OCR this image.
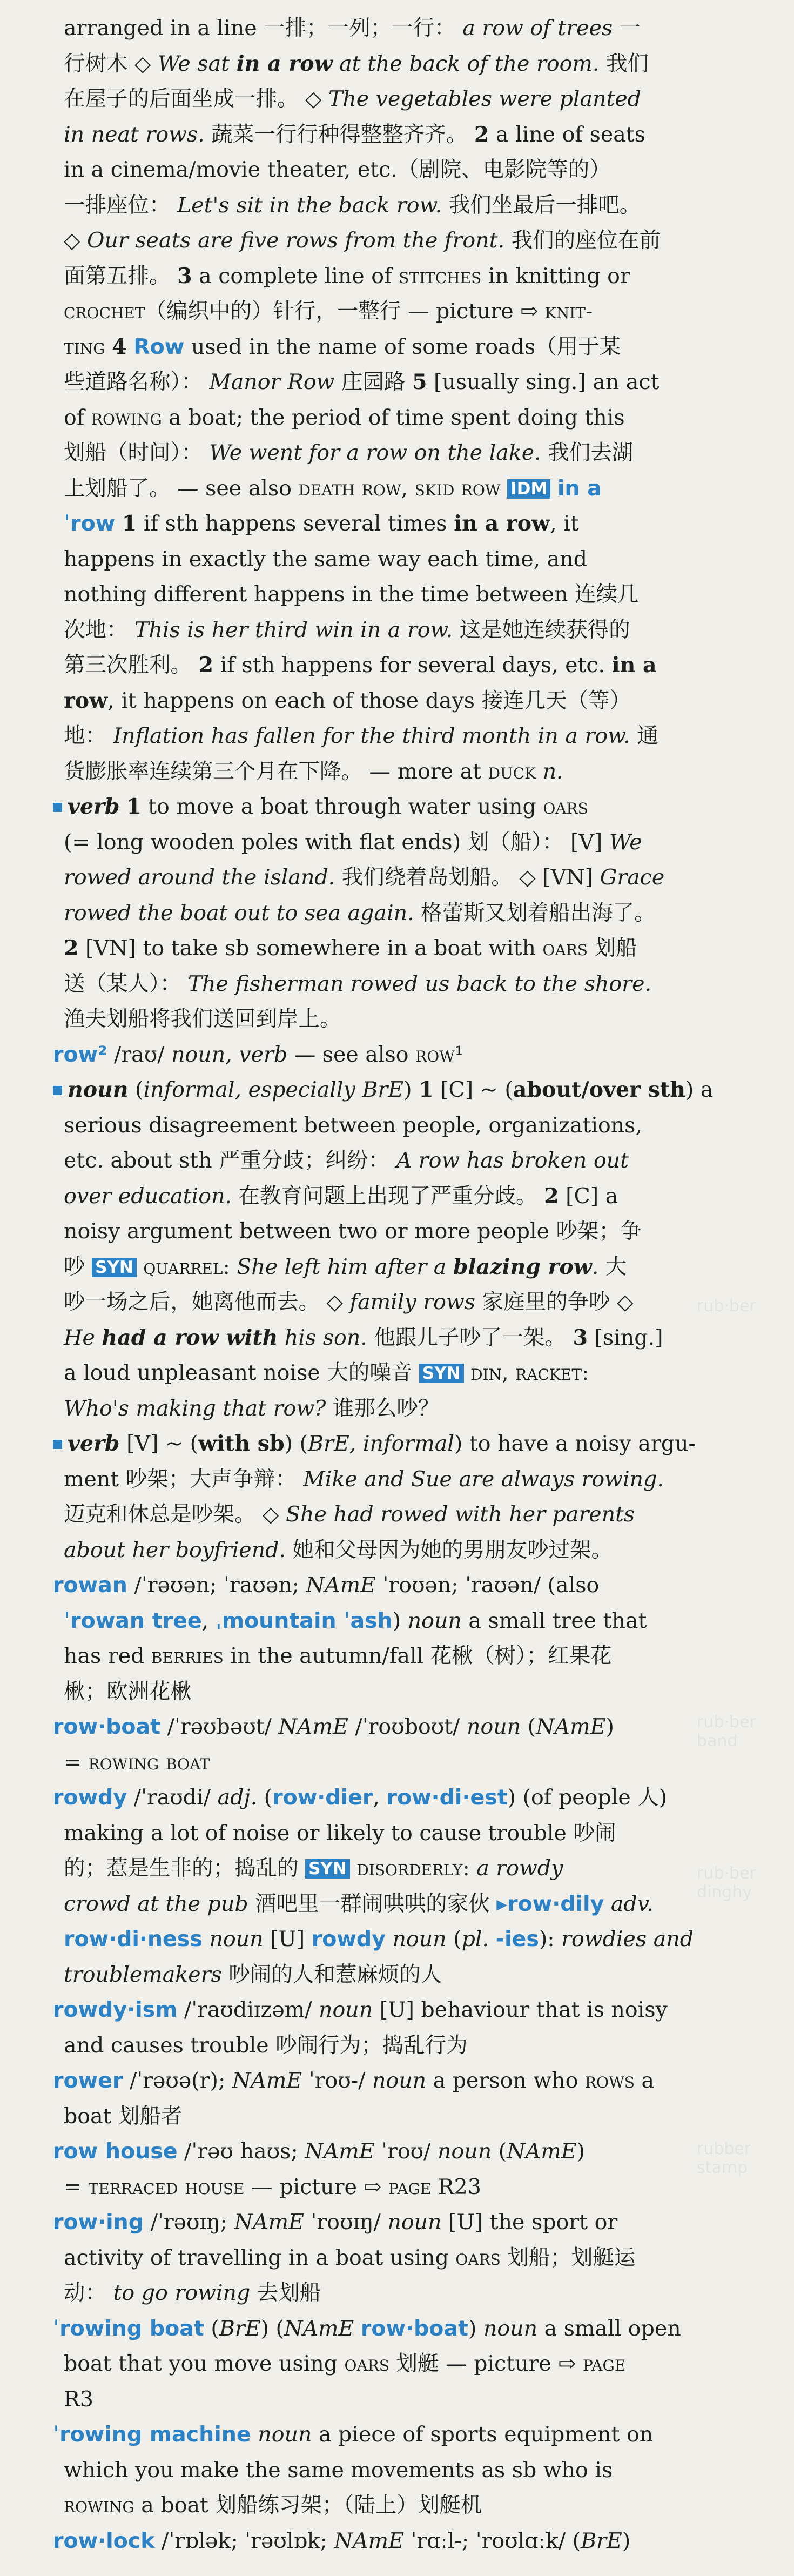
arranged in a line 一排；一列；一行： a row of trees 一
行树木 ◇ We sat in a row at the back of the room. 我们
在屋子的后面坐成一排。 ◇ The vegetables were planted
in neat rows. 蔬菜一行行种得整整齐齐。 2 a line of seats
in a cinema/movie theater, etc.（剧院、电影院等的）
一排座位： Let's sit in the back row. 我们坐最后一排吧。
◇ Our seats are five rows from the front. 我们的座位在前
面第五排。 3 a complete line of stitches in knitting or
crochet（编织中的）针行，一整行 — picture ⇨ knit-
ting 4 Row used in the name of some roads（用于某
些道路名称）： Manor Row 庄园路 5 [usually sing.] an act
of rowing a boat; the period of time spent doing this
划船（时间）： We went for a row on the lake. 我们去湖
上划船了。 — see also death row, skid row IDM in a
ˈrow 1 if sth happens several times in a row, it
happens in exactly the same way each time, and
nothing different happens in the time between 连续几
次地： This is her third win in a row. 这是她连续获得的
第三次胜利。 2 if sth happens for several days, etc. in a
row, it happens on each of those days 接连几天（等）
地： Inflation has fallen for the third month in a row. 通
货膨胀率连续第三个月在下降。 — more at duck n.
verb 1 to move a boat through water using oars
(= long wooden poles with flat ends) 划（船）： [V] We
rowed around the island. 我们绕着岛划船。 ◇ [VN] Grace
rowed the boat out to sea again. 格蕾斯又划着船出海了。
2 [VN] to take sb somewhere in a boat with oars 划船
送（某人）： The fisherman rowed us back to the shore.
渔夫划船将我们送回到岸上。
row² /raʊ/ noun, verb — see also row¹
noun (informal, especially BrE) 1 [C] ~ (about/over sth) a
serious disagreement between people, organizations,
etc. about sth 严重分歧；纠纷： A row has broken out
over education. 在教育问题上出现了严重分歧。 2 [C] a
noisy argument between two or more people 吵架；争
吵 SYN quarrel: She left him after a blazing row. 大
吵一场之后，她离他而去。 ◇ family rows 家庭里的争吵 ◇
He had a row with his son. 他跟儿子吵了一架。 3 [sing.]
a loud unpleasant noise 大的噪音 SYN din, racket:
Who's making that row? 谁那么吵？
verb [V] ~ (with sb) (BrE, informal) to have a noisy argu-
ment 吵架；大声争辩： Mike and Sue are always rowing.
迈克和休总是吵架。 ◇ She had rowed with her parents
about her boyfriend. 她和父母因为她的男朋友吵过架。
rowan /ˈrəʊən; ˈraʊən; NAmE ˈroʊən; ˈraʊən/ (also
ˈrowan tree, ˌmountain ˈash) noun a small tree that
has red berries in the autumn/fall 花楸（树）；红果花
楸；欧洲花楸
row·boat /ˈrəʊbəʊt/ NAmE /ˈroʊboʊt/ noun (NAmE)
= rowing boat
rowdy /ˈraʊdi/ adj. (row·dier, row·di·est) (of people 人)
making a lot of noise or likely to cause trouble 吵闹
的；惹是生非的；捣乱的 SYN disorderly: a rowdy
crowd at the pub 酒吧里一群闹哄哄的家伙 ▸row·dily adv.
row·di·ness noun [U] rowdy noun (pl. -ies): rowdies and
troublemakers 吵闹的人和惹麻烦的人
rowdy·ism /ˈraʊdiɪzəm/ noun [U] behaviour that is noisy
and causes trouble 吵闹行为；捣乱行为
rower /ˈrəʊə(r); NAmE ˈroʊ-/ noun a person who rows a
boat 划船者
row house /ˈrəʊ haʊs; NAmE ˈroʊ/ noun (NAmE)
= terraced house — picture ⇨ page R23
row·ing /ˈrəʊɪŋ; NAmE ˈroʊɪŋ/ noun [U] the sport or
activity of travelling in a boat using oars 划船；划艇运
动： to go rowing 去划船
ˈrowing boat (BrE) (NAmE row·boat) noun a small open
boat that you move using oars 划艇 — picture ⇨ page
R3
ˈrowing machine noun a piece of sports equipment on
which you make the same movements as sb who is
rowing a boat 划船练习架；（陆上）划艇机
row·lock /ˈrɒlək; ˈrəʊlɒk; NAmE ˈrɑːl-; ˈroʊlɑːk/ (BrE)
rub·ber
rub·ber band
rub·ber dinghy
rubber stamp
